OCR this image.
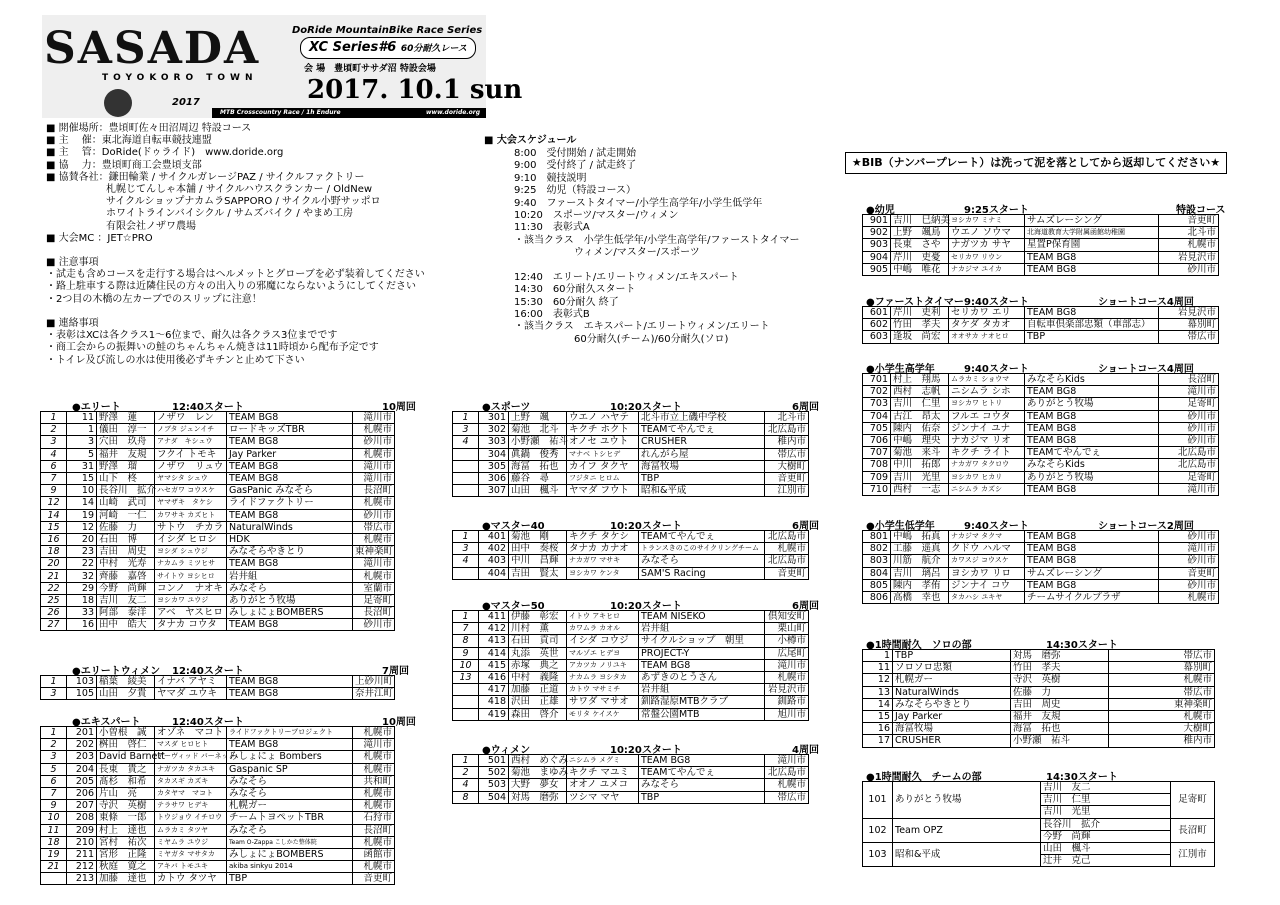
SASADA
TOYOKORO TOWN
2017
DoRide MountainBike Race Series
XC Series#6 60分耐久レース
会 場　豊頃町ササダ沼 特設会場
2017. 10.1 sun
MTB Crosscountry Race / 1h Endure	www.doride.org
■ 開催場所：豊頃町佐々田沼周辺 特設コース
■ 主　 催：東北海道自転車競技連盟
■ 主　 管：DoRide(ドゥライド)　www.doride.org
■ 協　 力：豊頃町商工会豊頃支部
■ 協賛各社：鎌田輪業 / サイクルガレージPAZ / サイクルファクトリー
　　　　　　札幌じてんしゃ本舗 / サイクルハウスクランカー / OldNew
　　　　　　サイクルショップナカムラSAPPORO / サイクル小野サッポロ
　　　　　　ホワイトラインバイシクル / サムズバイク / やまめ工房
　　　　　　有限会社ノザワ農場
■ 大会MC ：JET☆PRO
■ 注意事項
・試走も含めコースを走行する場合はヘルメットとグローブを必ず装着してください
・路上駐車する際は近隣住民の方々の出入りの邪魔にならないようにしてください
・2つ目の木橋の左カーブでのスリップに注意！
■ 連絡事項
・表彰はXCは各クラス1～6位まで、耐久は各クラス3位までです
・商工会からの振舞いの鮭のちゃんちゃん焼きは11時頃から配布予定です
・トイレ及び流しの水は使用後必ずキチンと止めて下さい
■ 大会スケジュール
8:00　受付開始 / 試走開始
9:00　受付終了 / 試走終了
9:10　競技説明
9:25　幼児（特設コース）
9:40　ファーストタイマー/小学生高学年/小学生低学年
10:20　スポーツ/マスター/ウィメン
11:30　表彰式A
・該当クラス　小学生低学年/小学生高学年/ファーストタイマー
　　　　　　ウィメン/マスター/スポーツ
12:40　エリート/エリートウィメン/エキスパート
14:30　60分耐久スタート
15:30　60分耐久 終了
16:00　表彰式B
・該当クラス　エキスパート/エリートウィメン/エリート
　　　　　　60分耐久(チーム)/60分耐久(ソロ)
★BIB（ナンバープレート）は洗って泥を落としてから返却してください★
●エリート	12:40スタート	10周回
1	11	野澤　蓮	ノザワ　レン	TEAM BG8	滝川市
2	1	儀田　淳一	ノブタ ジュンイチ	ロードキッズTBR	札幌市
3	3	穴田　玖舟	アナダ　キシュウ	TEAM BG8	砂川市
4	5	福井　友規	フクイ トモキ	Jay Parker	札幌市
6	31	野澤　瑠	ノザワ　リュウ	TEAM BG8	滝川市
7	15	山下　柊	ヤマシタ シュウ	TEAM BG8	滝川市
9	10	長谷川　拡介	ハセガワ コウスケ	GasPanic みなそら	長沼町
12	14	山崎　武司	ヤマザキ　タケシ	ライドファクトリー	札幌市
14	19	河崎　一仁	カワサキ カズヒト	TEAM BG8	砂川市
15	12	佐藤　力	サトウ　チカラ	NaturalWinds	帯広市
16	20	石田　博	イシダ ヒロシ	HDK	札幌市
18	23	吉田　周史	ヨシダ シュウジ	みなそらやきとり	東神楽町
20	22	中村　光寿	ナカムラ ミツヒサ	TEAM BG8	滝川市
21	32	齊藤　嘉啓	サイトウ ヨシヒロ	岩井組	札幌市
22	29	今野　尚輝	コンノ　ナオキ	みなそら	室蘭市
25	18	吉川　友二	ヨシカワ ユウジ	ありがとう牧場	足寄町
26	33	阿部　泰洋	アベ　ヤスヒロ	みしょにょBOMBERS	長沼町
27	16	田中　皓大	タナカ コウタ	TEAM BG8	砂川市
●エリートウィメン 12:40スタート	7周回
1	103	稲葉　綾美	イナバ アヤミ	TEAM BG8	上砂川町
3	105	山田　夕貴	ヤマダ ユウキ	TEAM BG8	奈井江町
●エキスパート	12:40スタート	10周回
1	201	小曽根　誠	オゾネ　マコト	ライドファクトリープロジェクト	札幌市
2	202	桝田　啓仁	マスダ ヒロヒト	TEAM BG8	滝川市
3	203	David Barnett	デーヴィッド バーネット	みしょにょ Bombers	札幌市
5	204	長東　貴之	ナガツカ タカユキ	Gaspanic SP	札幌市
6	205	髙杉　和希	タカスギ カズキ	みなそら	共和町
7	206	片山　亮	カタヤマ　マコト	みなそら	札幌市
9	207	寺沢　英樹	テラサワ ヒデキ	札幌ガー	札幌市
10	208	東條　一郎	トウジョウ イチロウ	チームトヨペットTBR	石狩市
11	209	村上　達也	ムラカミ タツヤ	みなそら	長沼町
18	210	宮村　祐次	ミヤムラ ユウジ	Team O-Zappa こしかた整体院	札幌市
19	211	宮形　正隆	ミヤガタ マサタカ	みしょにょBOMBERS	函館市
21	212	秋庭　寛之	アキバ トモユキ	akiba sinkyu 2014	札幌市
	213	加藤　達也	カトウ タツヤ	TBP	音更町
●スポーツ	10:20スタート	6周回
1	301	上野　颯	ウエノ ハヤテ	北斗市立上磯中学校	北斗市
3	302	菊池　北斗	キクチ ホクト	TEAMてやんでぇ	北広島市
4	303	小野瀬　祐斗	オノセ ユウト	CRUSHER	稚内市
	304	眞鍋　俊秀	マナベ トシヒデ	れんがら屋	帯広市
	305	海冨　拓也	カイフ タクヤ	海冨牧場	大樹町
	306	藤谷　尋	フジタニ ヒロム	TBP	音更町
	307	山田　楓斗	ヤマダ フウト	昭和&平成	江別市
●マスター40	10:20スタート	6周回
1	401	菊池　剛	キクチ タケシ	TEAMてやんでぇ	北広島市
3	402	田中　奏桜	タナカ カナオ	トランスきのこのサイクリングチーム	札幌市
4	403	中川　昌輝	ナカガワ マサキ	みなそら	北広島市
	404	吉田　賢太	ヨシカワ ケンタ	SAM'S Racing	音更町
●マスター50	10:20スタート	6周回
1	411	伊藤　彰宏	イトウ アキヒロ	TEAM NISEKO	倶知安町
7	412	川村　薫	カワムラ カオル	岩井組	栗山町
8	413	石田　貢司	イシダ コウジ	サイクルショップ　朝里	小樽市
9	414	丸添　英世	マルゾエ ヒデヨ	PROJECT-Y	広尾町
10	415	赤塚　典之	アカツカ ノリユキ	TEAM BG8	滝川市
13	416	中村　義隆	ナカムラ ヨシタカ	あずきのとうさん	札幌市
	417	加藤　正道	カトウ マサミチ	岩井組	岩見沢市
	418	沢田　正雄	サワダ マサオ	釧路湿原MTBクラブ	釧路市
	419	森田　啓介	モリタ ケイスケ	常盤公園MTB	旭川市
●ウィメン	10:20スタート	4周回
1	501	西村　めぐみ	ニシムラ メグミ	TEAM BG8	滝川市
2	502	菊池　まゆみ	キクチ マユミ	TEAMてやんでぇ	北広島市
4	503	大野　夢女	オオノ ユメコ	みなそら	札幌市
8	504	対馬　磨弥	ツシマ マヤ	TBP	帯広市
●幼児	9:25スタート	特設コース
901	吉川　巳納美	ヨシカワ ミナミ	サムズレーシング	音更町
902	上野　颯鳥	ウエノ ソウマ	北海道教育大学附属函館幼稚園	北斗市
903	長東　さや	ナガツカ サヤ	星置P保育園	札幌市
904	芹川　吏憂	セリカワ リウン	TEAM BG8	岩見沢市
905	中嶋　唯花	ナカジマ ユイカ	TEAM BG8	砂川市
●ファーストタイマー 9:40スタート	ショートコース4周回
601	芹川　吏利	セリカワ エリ	TEAM BG8	岩見沢市
602	竹田　孝夫	タケダ タカオ	自転車倶楽部忠類（車部志）	幕別町
603	逢坂　尚宏	オオサカ ナオヒロ	TBP	帯広市
●小学生高学年	9:40スタート	ショートコース4周回
701	村上　翔馬	ムラカミ ショウマ	みなそらKids	長沼町
702	西村　志帆	ニシムラ シホ	TEAM BG8	滝川市
703	吉川　仁里	ヨシカワ ヒトリ	ありがとう牧場	足寄町
704	古江　昂太	フルエ コウタ	TEAM BG8	砂川市
705	陳内　佑奈	ジンナイ ユナ	TEAM BG8	砂川市
706	中嶋　理央	ナカジマ リオ	TEAM BG8	砂川市
707	菊池　来斗	キクチ ライト	TEAMてやんでぇ	北広島市
708	中川　拓郎	ナカガワ タクロウ	みなそらKids	北広島市
709	吉川　光里	ヨシカワ ヒカリ	ありがとう牧場	足寄町
710	西村　一志	ニシムラ カズシ	TEAM BG8	滝川市
●小学生低学年	9:40スタート	ショートコース2周回
801	中嶋　拓真	ナカジマ タクマ	TEAM BG8	砂川市
802	工藤　遥真	クドウ ハルマ	TEAM BG8	滝川市
803	川筋　航介	カワスジ コウスケ	TEAM BG8	砂川市
804	吉川　璃呂	ヨシカワ リロ	サムズレーシング	音更町
805	陳内　孝侑	ジンナイ コウ	TEAM BG8	砂川市
806	高橋　幸也	タカハシ ユキヤ	チームサイクルプラザ	札幌市
●1時間耐久　ソロの部	14:30スタート
1	TBP	対馬　磨弥	帯広市
11	ソロソロ忠類	竹田　孝夫	幕別町
12	札幌ガー	寺沢　英樹	札幌市
13	NaturalWinds	佐藤　力	帯広市
14	みなそらやきとり	吉田　周史	東神楽町
15	Jay Parker	福井　友規	札幌市
16	海冨牧場	海冨　拓也	大樹町
17	CRUSHER	小野瀬　祐斗	稚内市
●1時間耐久　チームの部	14:30スタート
101	ありがとう牧場	吉川　友二	足寄町
		吉川　仁里	
		吉川　光里	
102	Team OPZ	長谷川　拡介	長沼町
		今野　尚輝	
103	昭和&平成	山田　楓斗	江別市
		辻井　克己	
